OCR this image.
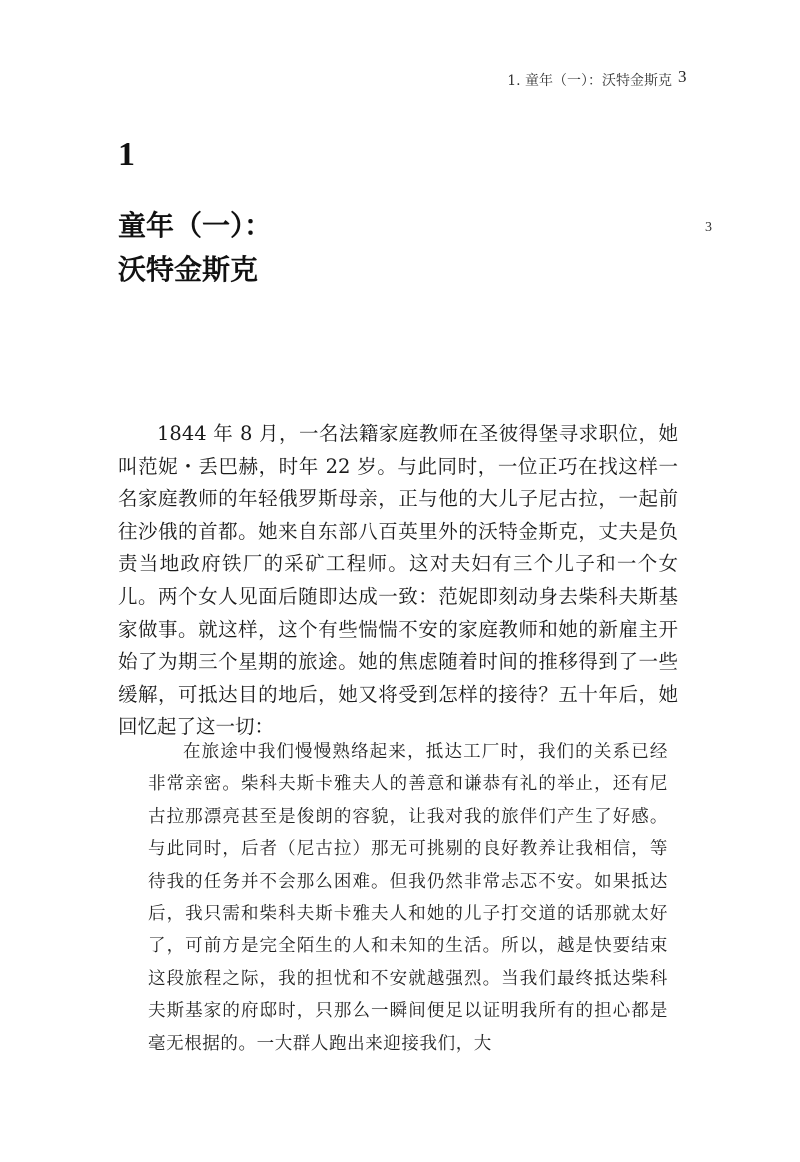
1. 童年（一）：沃特金斯克 3
1
童年（一）：
沃特金斯克
3

1844 年 8 月，一名法籍家庭教师在圣彼得堡寻求职位，她叫范妮・丢巴赫，时年 22 岁。与此同时，一位正巧在找这样一名家庭教师的年轻俄罗斯母亲，正与他的大儿子尼古拉，一起前往沙俄的首都。她来自东部八百英里外的沃特金斯克，丈夫是负责当地政府铁厂的采矿工程师。这对夫妇有三个儿子和一个女儿。两个女人见面后随即达成一致：范妮即刻动身去柴科夫斯基家做事。就这样，这个有些惴惴不安的家庭教师和她的新雇主开始了为期三个星期的旅途。她的焦虑随着时间的推移得到了一些缓解，可抵达目的地后，她又将受到怎样的接待？五十年后，她回忆起了这一切：

在旅途中我们慢慢熟络起来，抵达工厂时，我们的关系已经非常亲密。柴科夫斯卡雅夫人的善意和谦恭有礼的举止，还有尼古拉那漂亮甚至是俊朗的容貌，让我对我的旅伴们产生了好感。与此同时，后者（尼古拉）那无可挑剔的良好教养让我相信，等待我的任务并不会那么困难。但我仍然非常忐忑不安。如果抵达后，我只需和柴科夫斯卡雅夫人和她的儿子打交道的话那就太好了，可前方是完全陌生的人和未知的生活。所以，越是快要结束这段旅程之际，我的担忧和不安就越强烈。当我们最终抵达柴科夫斯基家的府邸时，只那么一瞬间便足以证明我所有的担心都是毫无根据的。一大群人跑出来迎接我们，大
